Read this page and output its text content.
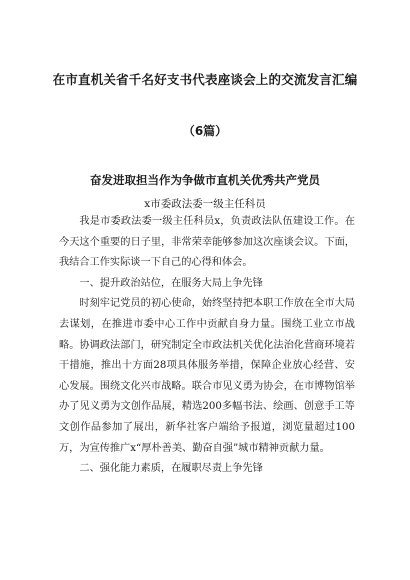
在市直机关省千名好支书代表座谈会上的交流发言汇编
（6篇）
奋发进取担当作为争做市直机关优秀共产党员
x市委政法委一级主任科员

我是市委政法委一级主任科员x，负责政法队伍建设工作。在今天这个重要的日子里，非常荣幸能够参加这次座谈会议。下面，我结合工作实际谈一下自己的心得和体会。

一、提升政治站位，在服务大局上争先锋

时刻牢记党员的初心使命，始终坚持把本职工作放在全市大局去谋划，在推进市委中心工作中贡献自身力量。围绕工业立市战略。协调政法部门，研究制定全市政法机关优化法治化营商环境若干措施，推出十方面28项具体服务举措，保障企业放心经营、安心发展。围绕文化兴市战略。联合市见义勇为协会，在市博物馆举办了见义勇为文创作品展，精选200多幅书法、绘画、创意手工等文创作品参加了展出，新华社客户端给予报道，浏览量超过100万，为宣传推广x“厚朴善美、勤奋自强”城市精神贡献力量。

二、强化能力素质，在履职尽责上争先锋
